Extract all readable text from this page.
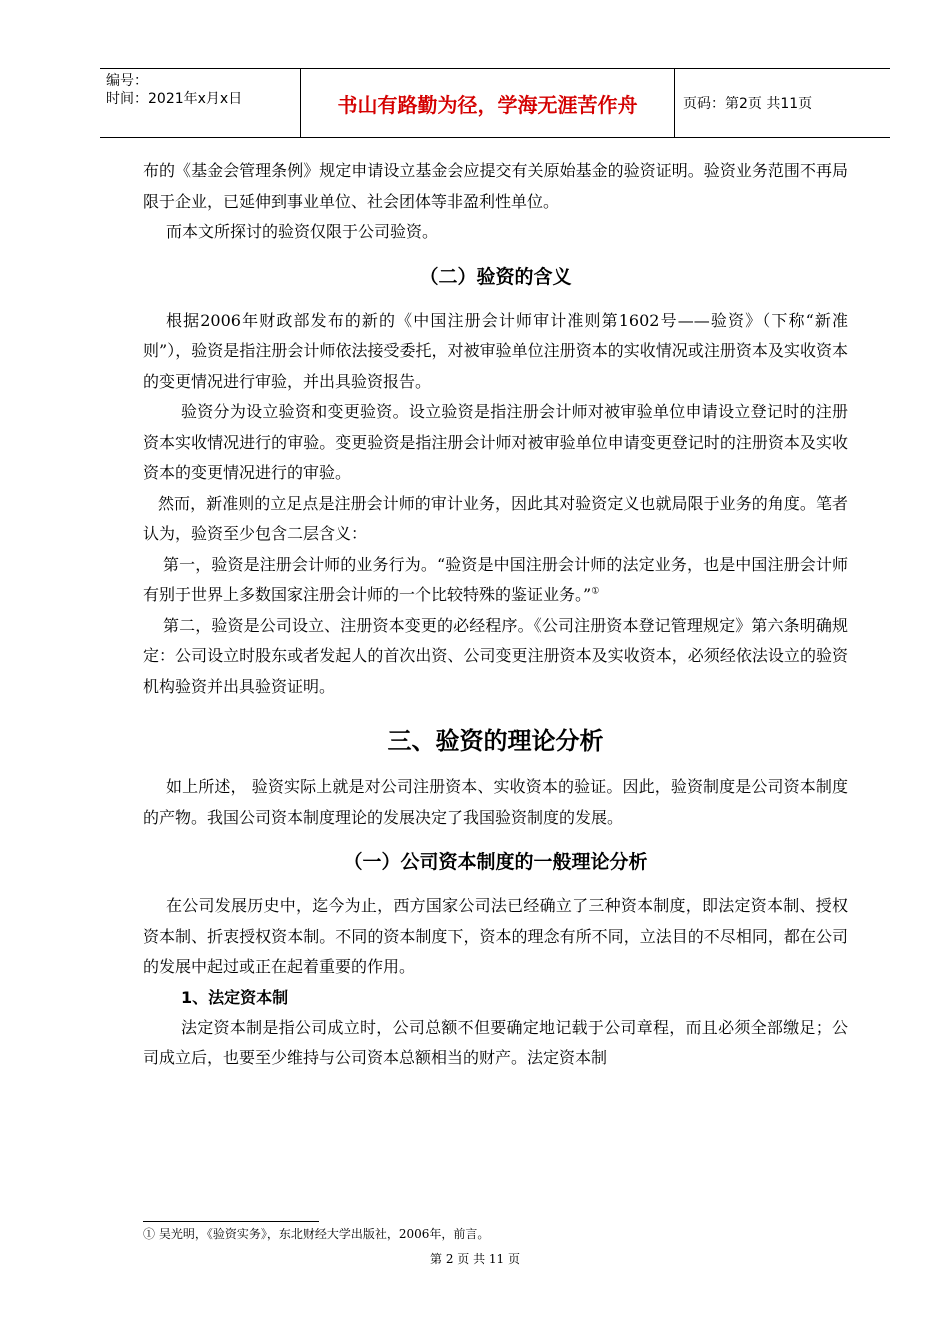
编号：
时间：2021年x月x日	书山有路勤为径，学海无涯苦作舟	页码：第2页 共11页

布的《基金会管理条例》规定申请设立基金会应提交有关原始基金的验资证明。验资业务范围不再局限于企业，已延伸到事业单位、社会团体等非盈利性单位。

而本文所探讨的验资仅限于公司验资。

（二）验资的含义

根据2006年财政部发布的新的《中国注册会计师审计准则第1602号——验资》（下称“新准则”），验资是指注册会计师依法接受委托，对被审验单位注册资本的实收情况或注册资本及实收资本的变更情况进行审验，并出具验资报告。

验资分为设立验资和变更验资。设立验资是指注册会计师对被审验单位申请设立登记时的注册资本实收情况进行的审验。变更验资是指注册会计师对被审验单位申请变更登记时的注册资本及实收资本的变更情况进行的审验。

然而，新准则的立足点是注册会计师的审计业务，因此其对验资定义也就局限于业务的角度。笔者认为，验资至少包含二层含义：

第一，验资是注册会计师的业务行为。“验资是中国注册会计师的法定业务，也是中国注册会计师有别于世界上多数国家注册会计师的一个比较特殊的鉴证业务。”①

第二，验资是公司设立、注册资本变更的必经程序。《公司注册资本登记管理规定》第六条明确规定：公司设立时股东或者发起人的首次出资、公司变更注册资本及实收资本，必须经依法设立的验资机构验资并出具验资证明。

三、验资的理论分析

如上所述， 验资实际上就是对公司注册资本、实收资本的验证。因此，验资制度是公司资本制度的产物。我国公司资本制度理论的发展决定了我国验资制度的发展。

（一）公司资本制度的一般理论分析

在公司发展历史中，迄今为止，西方国家公司法已经确立了三种资本制度，即法定资本制、授权资本制、折衷授权资本制。不同的资本制度下，资本的理念有所不同，立法目的不尽相同，都在公司的发展中起过或正在起着重要的作用。

1、法定资本制

法定资本制是指公司成立时，公司总额不但要确定地记载于公司章程，而且必须全部缴足；公司成立后，也要至少维持与公司资本总额相当的财产。法定资本制

① 吴光明，《验资实务》，东北财经大学出版社，2006年，前言。
第 2 页 共 11 页
